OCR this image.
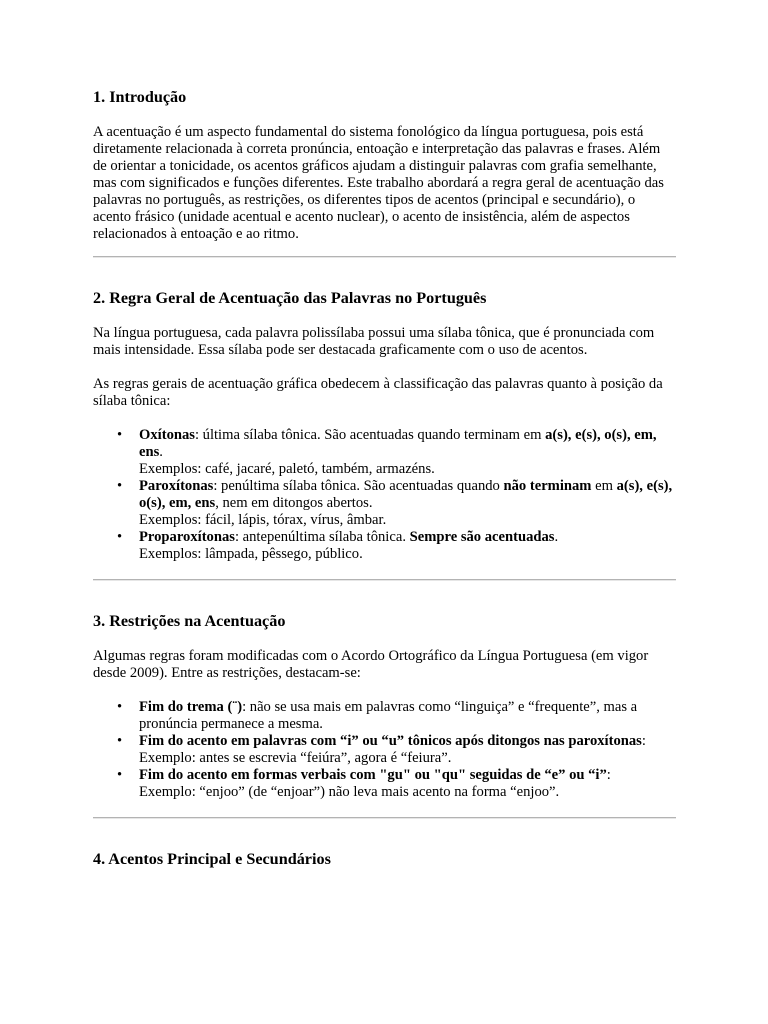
1. Introdução

A acentuação é um aspecto fundamental do sistema fonológico da língua portuguesa, pois está diretamente relacionada à correta pronúncia, entoação e interpretação das palavras e frases. Além de orientar a tonicidade, os acentos gráficos ajudam a distinguir palavras com grafia semelhante, mas com significados e funções diferentes. Este trabalho abordará a regra geral de acentuação das palavras no português, as restrições, os diferentes tipos de acentos (principal e secundário), o acento frásico (unidade acentual e acento nuclear), o acento de insistência, além de aspectos relacionados à entoação e ao ritmo.

2. Regra Geral de Acentuação das Palavras no Português

Na língua portuguesa, cada palavra polissílaba possui uma sílaba tônica, que é pronunciada com mais intensidade. Essa sílaba pode ser destacada graficamente com o uso de acentos.

As regras gerais de acentuação gráfica obedecem à classificação das palavras quanto à posição da sílaba tônica:

• Oxítonas: última sílaba tônica. São acentuadas quando terminam em a(s), e(s), o(s), em, ens.
Exemplos: café, jacaré, paletó, também, armazéns.
• Paroxítonas: penúltima sílaba tônica. São acentuadas quando não terminam em a(s), e(s), o(s), em, ens, nem em ditongos abertos.
Exemplos: fácil, lápis, tórax, vírus, âmbar.
• Proparoxítonas: antepenúltima sílaba tônica. Sempre são acentuadas.
Exemplos: lâmpada, pêssego, público.
3. Restrições na Acentuação

Algumas regras foram modificadas com o Acordo Ortográfico da Língua Portuguesa (em vigor desde 2009). Entre as restrições, destacam-se:

• Fim do trema (¨): não se usa mais em palavras como “linguiça” e “frequente”, mas a pronúncia permanece a mesma.
• Fim do acento em palavras com “i” ou “u” tônicos após ditongos nas paroxítonas:
Exemplo: antes se escrevia “feiúra”, agora é “feiura”.
• Fim do acento em formas verbais com "gu" ou "qu" seguidas de “e” ou “i”:
Exemplo: “enjoo” (de “enjoar”) não leva mais acento na forma “enjoo”.
4. Acentos Principal e Secundários
